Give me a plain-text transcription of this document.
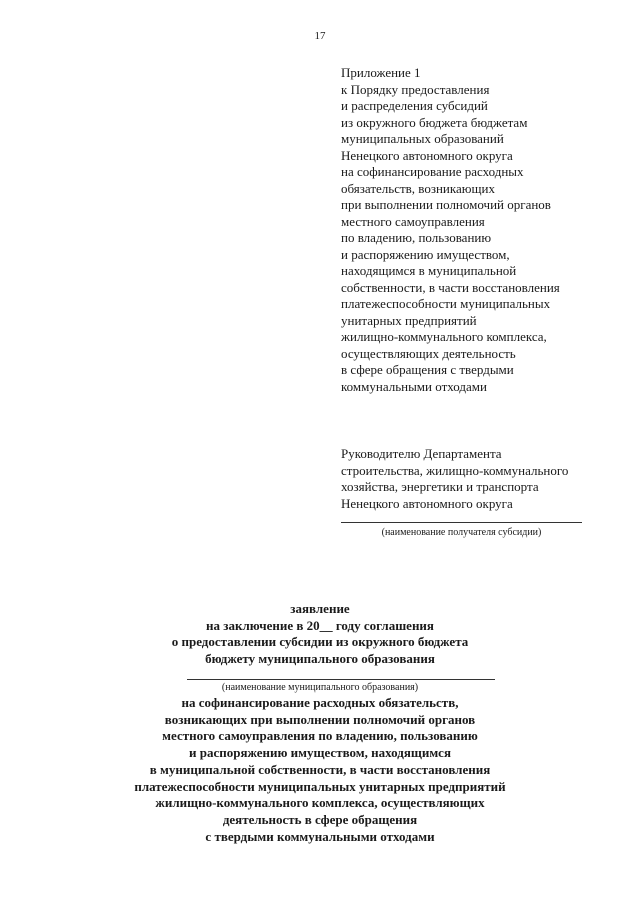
17
Приложение 1
к Порядку предоставления
и распределения субсидий
из окружного бюджета бюджетам
муниципальных образований
Ненецкого автономного округа
на софинансирование расходных
обязательств, возникающих
при выполнении полномочий органов
местного самоуправления
по владению, пользованию
и распоряжению имуществом,
находящимся в муниципальной
собственности, в части восстановления
платежеспособности муниципальных
унитарных предприятий
жилищно-коммунального комплекса,
осуществляющих деятельность
в сфере обращения с твердыми
коммунальными отходами
Руководителю Департамента
строительства, жилищно-коммунального
хозяйства, энергетики и транспорта
Ненецкого автономного округа
(наименование получателя субсидии)
заявление
на заключение в 20__ году соглашения
о предоставлении субсидии из окружного бюджета
бюджету муниципального образования
(наименование муниципального образования)
на софинансирование расходных обязательств,
возникающих при выполнении полномочий органов
местного самоуправления по владению, пользованию
и распоряжению имуществом, находящимся
в муниципальной собственности, в части восстановления
платежеспособности муниципальных унитарных предприятий
жилищно-коммунального комплекса, осуществляющих
деятельность в сфере обращения
с твердыми коммунальными отходами
